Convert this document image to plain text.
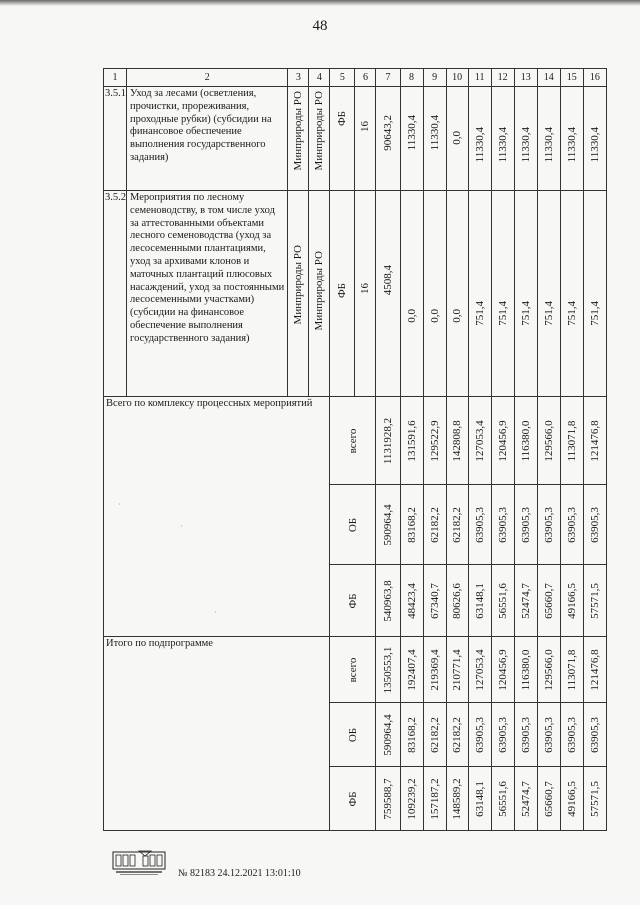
48
1	2	3	4	5	6	7	8	9	10	11	12	13	14	15	16
3.5.1	Уход за лесами (осветления, прочистки, прореживания, проходные рубки) (субсидии на финансовое обеспечение выполнения государственного задания)	Минприроды РО	Минприроды РО	ФБ	16	90643,2	11330,4	11330,4	0,0	11330,4	11330,4	11330,4	11330,4	11330,4	11330,4

3.5.2	Мероприятия по лесному семеноводству, в том числе уход за аттестованными объектами лесного семеноводства (уход за лесосеменными плантациями, уход за архивами клонов и маточных плантаций плюсовых насаждений, уход за постоянными лесосеменными участками) (субсидии на финансовое обеспечение выполнения государственного задания)	Минприроды РО	Минприроды РО	ФБ	16	4508,4	0,0	0,0	0,0	751,4	751,4	751,4	751,4	751,4	751,4

Всего по комплексу процессных мероприятий				всего		1131928,2	131591,6	129522,9	142808,8	127053,4	120456,9	116380,0	129566,0	113071,8	121476,8

				ОБ		590964,4	83168,2	62182,2	62182,2	63905,3	63905,3	63905,3	63905,3	63905,3	63905,3

				ФБ		540963,8	48423,4	67340,7	80626,6	63148,1	56551,6	52474,7	65660,7	49166,5	57571,5

Итого по подпрограмме				всего		1350553,1	192407,4	219369,4	210771,4	127053,4	120456,9	116380,0	129566,0	113071,8	121476,8

				ОБ		590964,4	83168,2	62182,2	62182,2	63905,3	63905,3	63905,3	63905,3	63905,3	63905,3

				ФБ		759588,7	109239,2	157187,2	148589,2	63148,1	56551,6	52474,7	65660,7	49166,5	57571,5
·
·
·
№ 82183 24.12.2021 13:01:10
